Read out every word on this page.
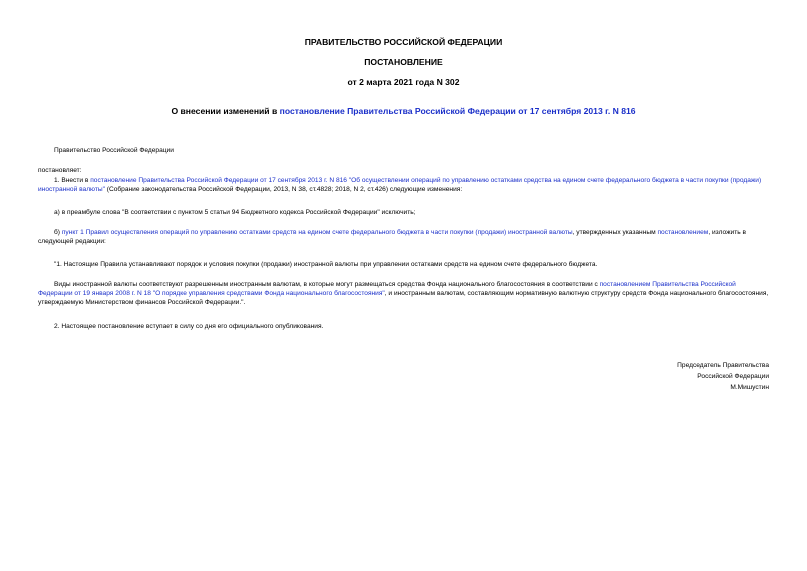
ПРАВИТЕЛЬСТВО РОССИЙСКОЙ ФЕДЕРАЦИИ
ПОСТАНОВЛЕНИЕ
от 2 марта 2021 года N 302
О внесении изменений в постановление Правительства Российской Федерации от 17 сентября 2013 г. N 816
Правительство Российской Федерации
постановляет:
1. Внести в постановление Правительства Российской Федерации от 17 сентября 2013 г. N 816 "Об осуществлении операций по управлению остатками средства на едином счете федерального бюджета в части покупки (продажи) иностранной валюты" (Собрание законодательства Российской Федерации, 2013, N 38, ст.4828; 2018, N 2, ст.426) следующие изменения:
а) в преамбуле слова "В соответствии с пунктом 5 статьи 94 Бюджетного кодекса Российской Федерации" исключить;
б) пункт 1 Правил осуществления операций по управлению остатками средств на едином счете федерального бюджета в части покупки (продажи) иностранной валюты, утвержденных указанным постановлением, изложить в следующей редакции:
"1. Настоящие Правила устанавливают порядок и условия покупки (продажи) иностранной валюты при управлении остатками средств на едином счете федерального бюджета.
Виды иностранной валюты соответствуют разрешенным иностранным валютам, в которые могут размещаться средства Фонда национального благосостояния в соответствии с постановлением Правительства Российской Федерации от 19 января 2008 г. N 18 "О порядке управления средствами Фонда национального благосостояния", и иностранным валютам, составляющим нормативную валютную структуру средств Фонда национального благосостояния, утверждаемую Министерством финансов Российской Федерации.".
2. Настоящее постановление вступает в силу со дня его официального опубликования.
Председатель Правительства
Российской Федерации
М.Мишустин
